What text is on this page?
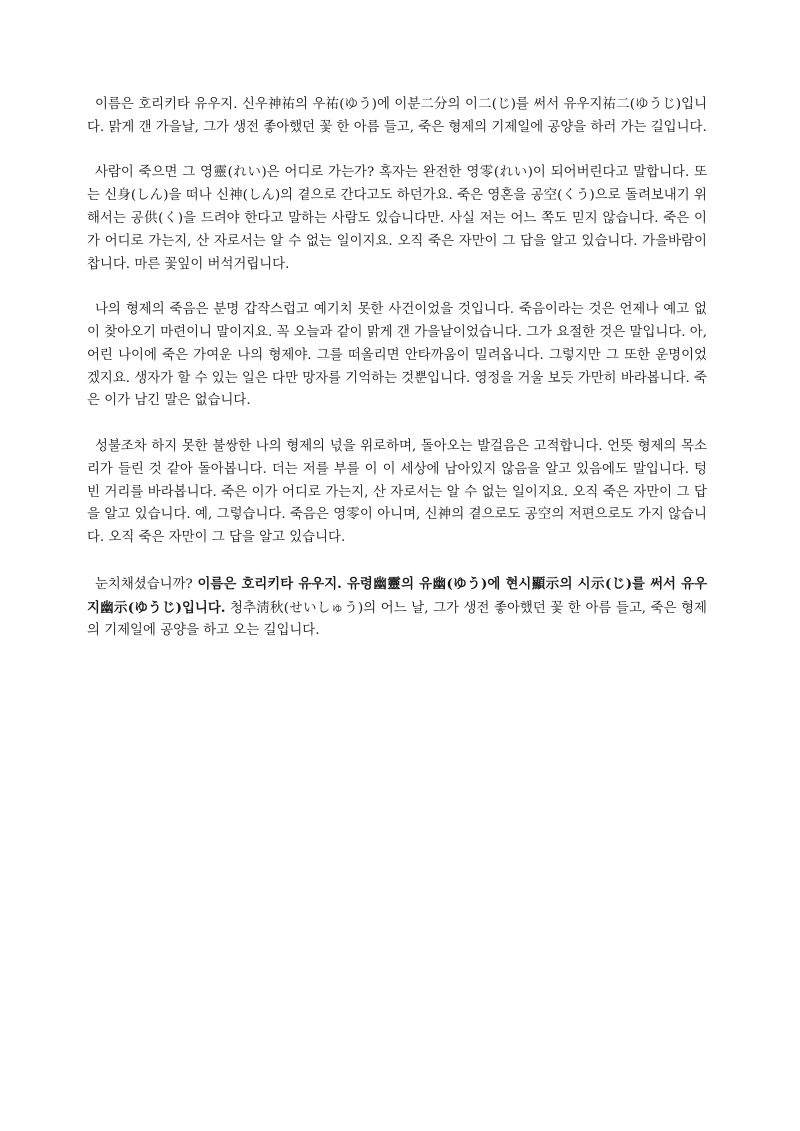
이름은 호리키타 유우지. 신우神祐의 우祐(ゆう)에 이분二分의 이二(じ)를 써서 유우지祐二(ゆうじ)입니다. 맑게 갠 가을날, 그가 생전 좋아했던 꽃 한 아름 들고, 죽은 형제의 기제일에 공양을 하러 가는 길입니다.

사람이 죽으면 그 영靈(れい)은 어디로 가는가? 혹자는 완전한 영零(れい)이 되어버린다고 말합니다. 또는 신身(しん)을 떠나 신神(しん)의 곁으로 간다고도 하던가요. 죽은 영혼을 공空(くう)으로 돌려보내기 위해서는 공供(く)을 드려야 한다고 말하는 사람도 있습니다만. 사실 저는 어느 쪽도 믿지 않습니다. 죽은 이가 어디로 가는지, 산 자로서는 알 수 없는 일이지요. 오직 죽은 자만이 그 답을 알고 있습니다. 가을바람이 찹니다. 마른 꽃잎이 버석거립니다.

나의 형제의 죽음은 분명 갑작스럽고 예기치 못한 사건이었을 것입니다. 죽음이라는 것은 언제나 예고 없이 찾아오기 마련이니 말이지요. 꼭 오늘과 같이 맑게 갠 가을날이었습니다. 그가 요절한 것은 말입니다. 아, 어린 나이에 죽은 가여운 나의 형제야. 그를 떠올리면 안타까움이 밀려옵니다. 그렇지만 그 또한 운명이었겠지요. 생자가 할 수 있는 일은 다만 망자를 기억하는 것뿐입니다. 영정을 거울 보듯 가만히 바라봅니다. 죽은 이가 남긴 말은 없습니다.

성불조차 하지 못한 불쌍한 나의 형제의 넋을 위로하며, 돌아오는 발걸음은 고적합니다. 언뜻 형제의 목소리가 들린 것 같아 돌아봅니다. 더는 저를 부를 이 이 세상에 남아있지 않음을 알고 있음에도 말입니다. 텅 빈 거리를 바라봅니다. 죽은 이가 어디로 가는지, 산 자로서는 알 수 없는 일이지요. 오직 죽은 자만이 그 답을 알고 있습니다. 예, 그렇습니다. 죽음은 영零이 아니며, 신神의 곁으로도 공空의 저편으로도 가지 않습니다. 오직 죽은 자만이 그 답을 알고 있습니다.

눈치채셨습니까? 이름은 호리키타 유우지. 유령幽靈의 유幽(ゆう)에 현시顯示의 시示(じ)를 써서 유우지幽示(ゆうじ)입니다. 청추淸秋(せいしゅう)의 어느 날, 그가 생전 좋아했던 꽃 한 아름 들고, 죽은 형제의 기제일에 공양을 하고 오는 길입니다.
